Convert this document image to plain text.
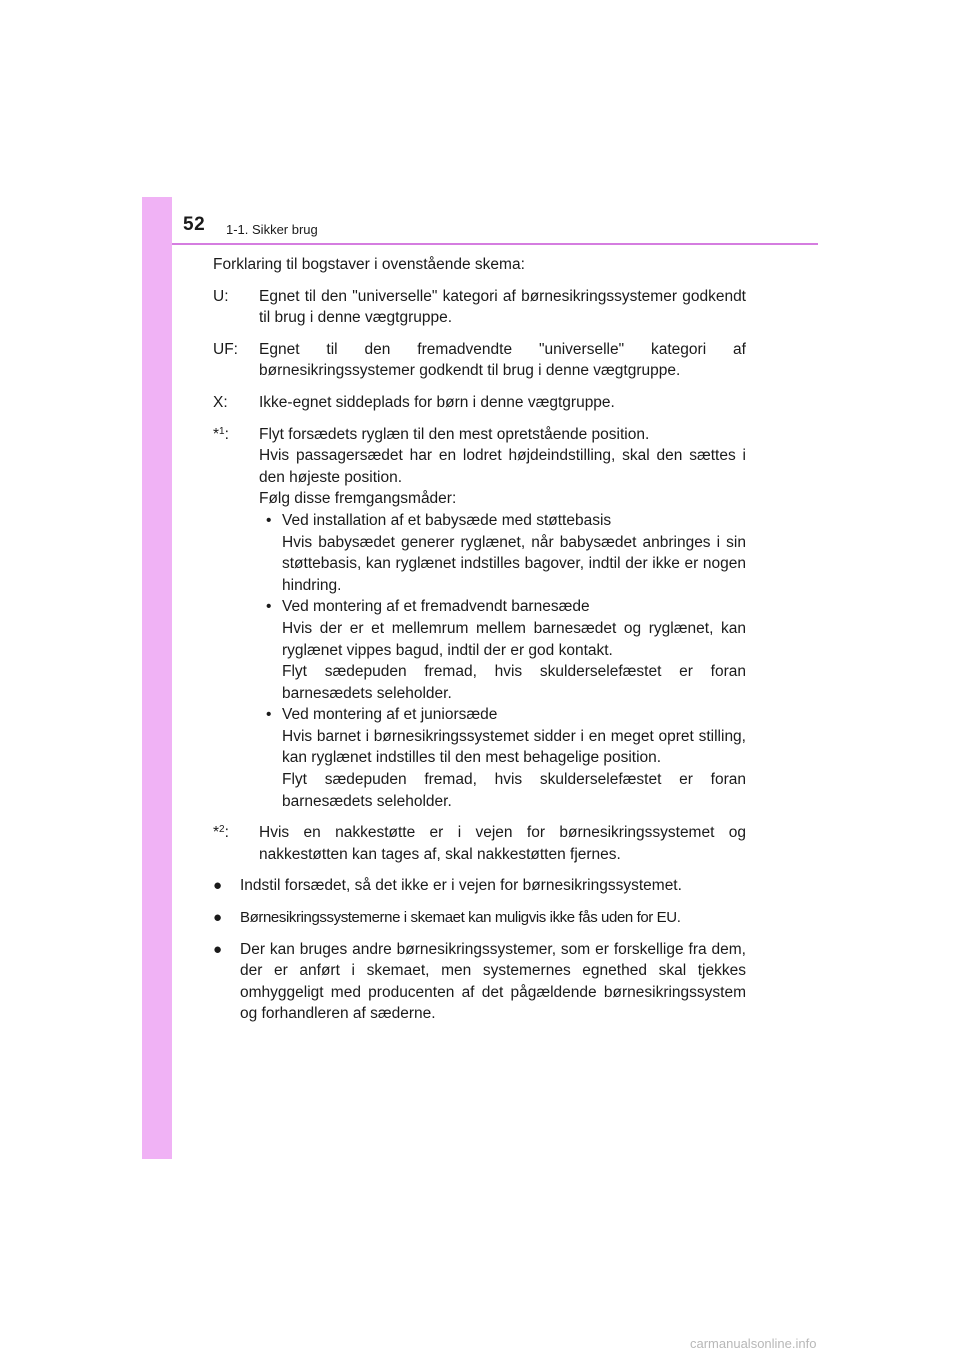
52 1-1. Sikker brug

Forklaring til bogstaver i ovenstående skema:

U:	Egnet til den "universelle" kategori af børnesikringssystemer godkendt til brug i denne vægtgruppe.
UF:	Egnet til den fremadvendte "universelle" kategori af børnesikringssystemer godkendt til brug i denne vægtgruppe.
X:	Ikke-egnet siddeplads for børn i denne vægtgruppe.
*$^1$:	Flyt forsædets ryglæn til den mest opretstående position.

Hvis passagersædet har en lodret højdeindstilling, skal den sættes i den højeste position.

Følg disse fremgangsmåder:

• Ved installation af et babysæde med støttebasis

Hvis babysædet generer ryglænet, når babysædet anbringes i sin støttebasis, kan ryglænet indstilles bagover, indtil der ikke er nogen hindring.

• Ved montering af et fremadvendt barnesæde

Hvis der er et mellemrum mellem barnesædet og ryglænet, kan ryglænet vippes bagud, indtil der er god kontakt.

Flyt sædepuden fremad, hvis skulderselefæstet er foran barnesædets seleholder.

• Ved montering af et juniorsæde

Hvis barnet i børnesikringssystemet sidder i en meget opret stilling, kan ryglænet indstilles til den mest behagelige position.

Flyt sædepuden fremad, hvis skulderselefæstet er foran barnesædets seleholder.

*$^2$:	Hvis en nakkestøtte er i vejen for børnesikringssystemet og nakkestøtten kan tages af, skal nakkestøtten fjernes.
●	Indstil forsædet, så det ikke er i vejen for børnesikringssystemet.
●	Børnesikringssystemerne i skemaet kan muligvis ikke fås uden for EU.
●	Der kan bruges andre børnesikringssystemer, som er forskellige fra dem, der er anført i skemaet, men systemernes egnethed skal tjekkes omhyggeligt med producenten af det pågældende børnesikringssystem og forhandleren af sæderne.
carmanualsonline.info
